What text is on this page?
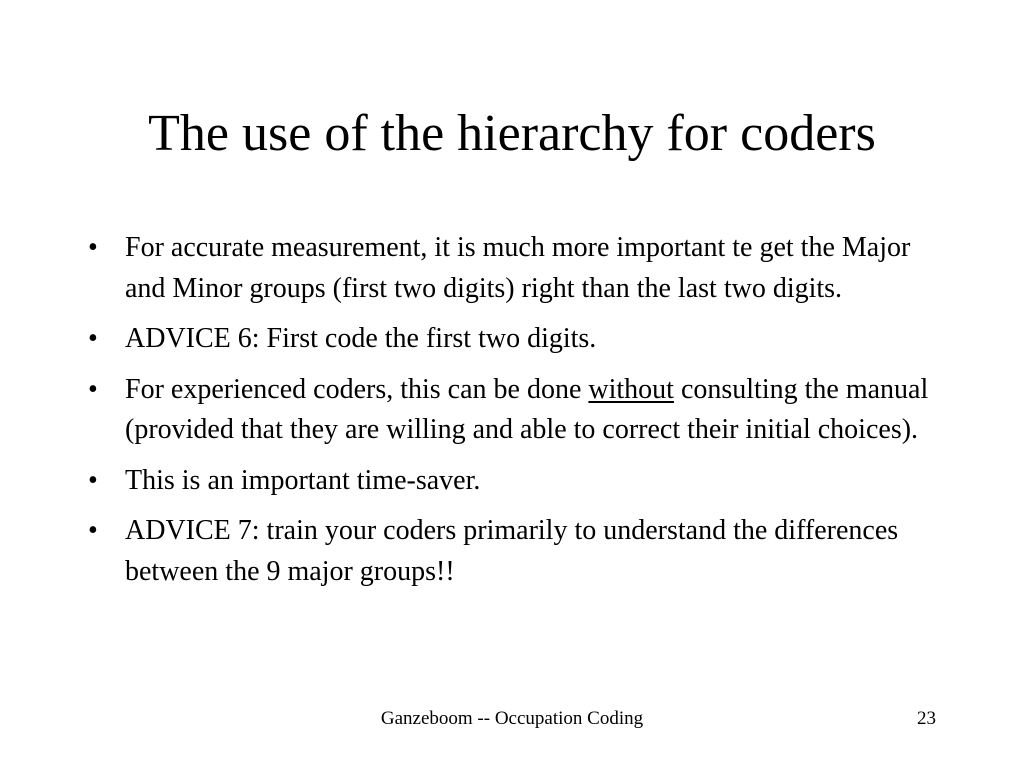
The use of the hierarchy for coders
• For accurate measurement, it is much more important te get the Major and Minor groups (first two digits) right than the last two digits.
• ADVICE 6: First code the first two digits.
• For experienced coders, this can be done without consulting the manual (provided that they are willing and able to correct their initial choices).
• This is an important time-saver.
• ADVICE 7: train your coders primarily to understand the differences between the 9 major groups!!
Ganzeboom -- Occupation Coding	23
